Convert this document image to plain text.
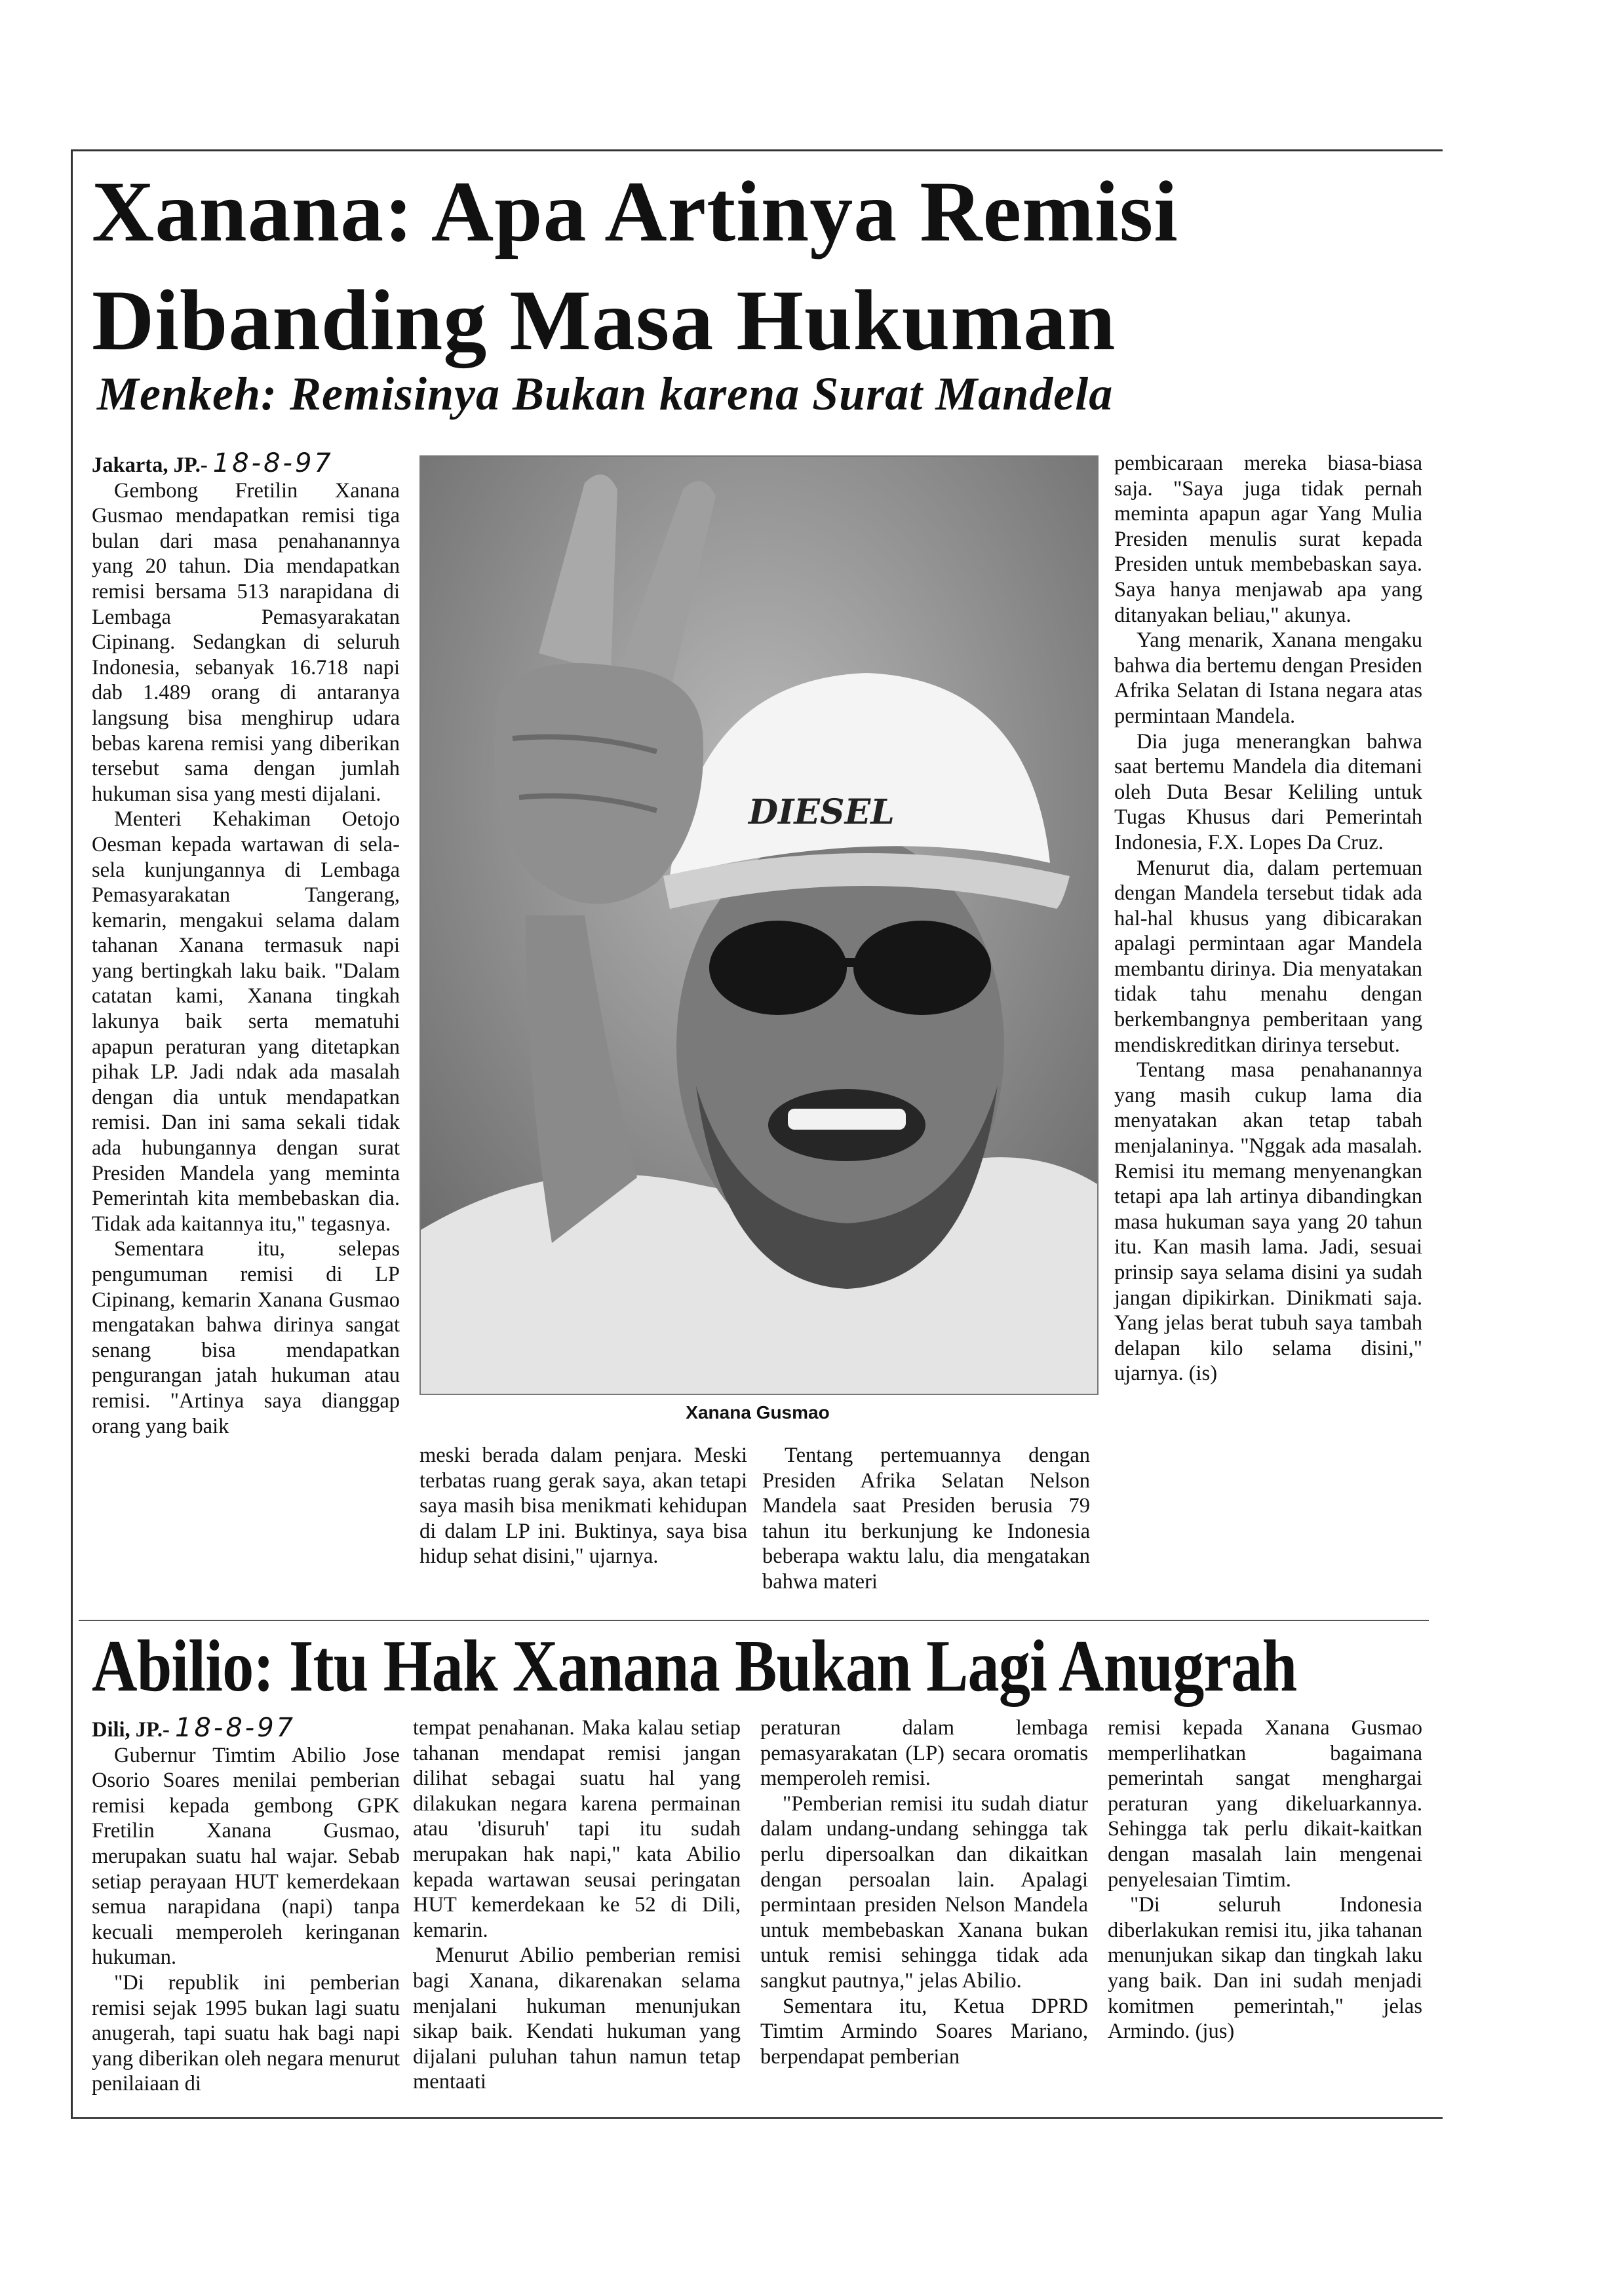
Xanana: Apa Artinya Remisi
Dibanding Masa Hukuman
Menkeh: Remisinya Bukan karena Surat Mandela

Jakarta, JP.- 18-8-97

Gembong Fretilin Xanana Gusmao mendapatkan remisi tiga bulan dari masa penahanannya yang 20 tahun. Dia mendapatkan remisi bersama 513 narapidana di Lembaga Pemasyarakatan Cipinang. Sedangkan di seluruh Indonesia, sebanyak 16.718 napi dab 1.489 orang di antaranya langsung bisa menghirup udara bebas karena remisi yang diberikan tersebut sama dengan jumlah hukuman sisa yang mesti dijalani.

Menteri Kehakiman Oetojo Oesman kepada wartawan di sela-sela kunjungannya di Lembaga Pemasyarakatan Tangerang, kemarin, mengakui selama dalam tahanan Xanana termasuk napi yang bertingkah laku baik. "Dalam catatan kami, Xanana tingkah lakunya baik serta mematuhi apapun peraturan yang ditetapkan pihak LP. Jadi ndak ada masalah dengan dia untuk mendapatkan remisi. Dan ini sama sekali tidak ada hubungannya dengan surat Presiden Mandela yang meminta Pemerintah kita membebaskan dia. Tidak ada kaitannya itu," tegasnya.

Sementara itu, selepas pengumuman remisi di LP Cipinang, kemarin Xanana Gusmao mengatakan bahwa dirinya sangat senang bisa mendapatkan pengurangan jatah hukuman atau remisi. "Artinya saya dianggap orang yang baik

DIESEL
Xanana Gusmao

meski berada dalam penjara. Meski terbatas ruang gerak saya, akan tetapi saya masih bisa menikmati kehidupan di dalam LP ini. Buktinya, saya bisa hidup sehat disini," ujarnya.

Tentang pertemuannya dengan Presiden Afrika Selatan Nelson Mandela saat Presiden berusia 79 tahun itu berkunjung ke Indonesia beberapa waktu lalu, dia mengatakan bahwa materi

pembicaraan mereka biasa-biasa saja. "Saya juga tidak pernah meminta apapun agar Yang Mulia Presiden menulis surat kepada Presiden untuk membebaskan saya. Saya hanya menjawab apa yang ditanyakan beliau," akunya.

Yang menarik, Xanana mengaku bahwa dia bertemu dengan Presiden Afrika Selatan di Istana negara atas permintaan Mandela.

Dia juga menerangkan bahwa saat bertemu Mandela dia ditemani oleh Duta Besar Keliling untuk Tugas Khusus dari Pemerintah Indonesia, F.X. Lopes Da Cruz.

Menurut dia, dalam pertemuan dengan Mandela tersebut tidak ada hal-hal khusus yang dibicarakan apalagi permintaan agar Mandela membantu dirinya. Dia menyatakan tidak tahu menahu dengan berkembangnya pemberitaan yang mendiskreditkan dirinya tersebut.

Tentang masa penahanannya yang masih cukup lama dia menyatakan akan tetap tabah menjalaninya. "Nggak ada masalah. Remisi itu memang menyenangkan tetapi apa lah artinya dibandingkan masa hukuman saya yang 20 tahun itu. Kan masih lama. Jadi, sesuai prinsip saya selama disini ya sudah jangan dipikirkan. Dinikmati saja. Yang jelas berat tubuh saya tambah delapan kilo selama disini," ujarnya. (is)

Abilio: Itu Hak Xanana Bukan Lagi Anugrah

Dili, JP.- 18-8-97

Gubernur Timtim Abilio Jose Osorio Soares menilai pemberian remisi kepada gembong GPK Fretilin Xanana Gusmao, merupakan suatu hal wajar. Sebab setiap perayaan HUT kemerdekaan semua narapidana (napi) tanpa kecuali memperoleh keringanan hukuman.

"Di republik ini pemberian remisi sejak 1995 bukan lagi suatu anugerah, tapi suatu hak bagi napi yang diberikan oleh negara menurut penilaiaan di

tempat penahanan. Maka kalau setiap tahanan mendapat remisi jangan dilihat sebagai suatu hal yang dilakukan negara karena permainan atau 'disuruh' tapi itu sudah merupakan hak napi," kata Abilio kepada wartawan seusai peringatan HUT kemerdekaan ke 52 di Dili, kemarin.

Menurut Abilio pemberian remisi bagi Xanana, dikarenakan selama menjalani hukuman menunjukan sikap baik. Kendati hukuman yang dijalani puluhan tahun namun tetap mentaati

peraturan dalam lembaga pemasyarakatan (LP) secara oromatis memperoleh remisi.

"Pemberian remisi itu sudah diatur dalam undang-undang sehingga tak perlu dipersoalkan dan dikaitkan dengan persoalan lain. Apalagi permintaan presiden Nelson Mandela untuk membebaskan Xanana bukan untuk remisi sehingga tidak ada sangkut pautnya," jelas Abilio.

Sementara itu, Ketua DPRD Timtim Armindo Soares Mariano, berpendapat pemberian

remisi kepada Xanana Gusmao memperlihatkan bagaimana pemerintah sangat menghargai peraturan yang dikeluarkannya. Sehingga tak perlu dikait-kaitkan dengan masalah lain mengenai penyelesaian Timtim.

"Di seluruh Indonesia diberlakukan remisi itu, jika tahanan menunjukan sikap dan tingkah laku yang baik. Dan ini sudah menjadi komitmen pemerintah," jelas Armindo. (jus)
